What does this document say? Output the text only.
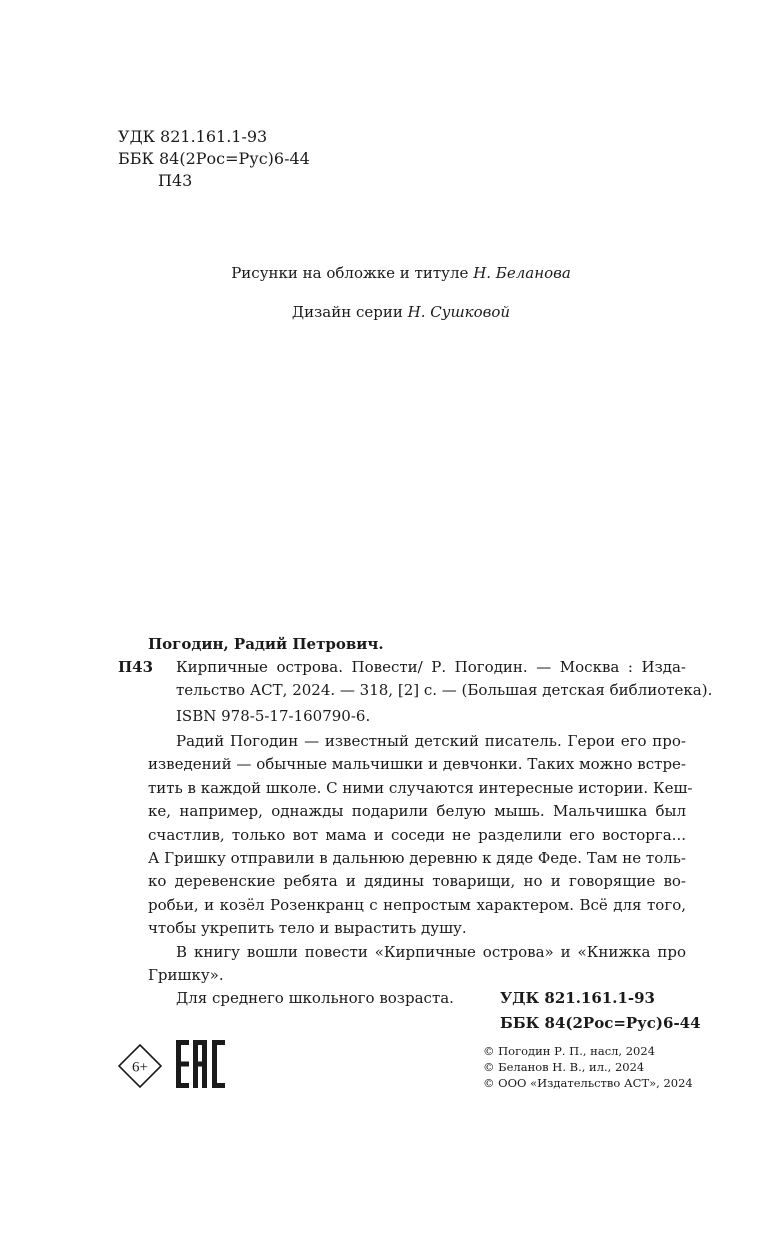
УДК 821.161.1-93
ББК 84(2Рос=Рус)6-44
П43
Рисунки на обложке и титуле Н. Беланова
Дизайн серии Н. Сушковой
Погодин, Радий Петрович.
П43	Кирпичные острова. Повести/ Р. Погодин. — Москва : Изда-
тельство АСТ, 2024. — 318, [2] с. — (Большая детская библиотека).
ISBN 978-5-17-160790-6.

Радий Погодин — известный детский писатель. Герои его про-
изведений — обычные мальчишки и девчонки. Таких можно встре-
тить в каждой школе. С ними случаются интересные истории. Кеш-
ке, например, однажды подарили белую мышь. Мальчишка был
счастлив, только вот мама и соседи не разделили его восторга...
А Гришку отправили в дальнюю деревню к дяде Феде. Там не толь-
ко деревенские ребята и дядины товарищи, но и говорящие во-
робьи, и козёл Розенкранц с непростым характером. Всё для того,
чтобы укрепить тело и вырастить душу.

В книгу вошли повести «Кирпичные острова» и «Книжка про
Гришку».

Для среднего школьного возраста.	УДК 821.161.1-93
ББК 84(2Рос=Рус)6-44
6+
© Погодин Р. П., насл, 2024
© Беланов Н. В., ил., 2024
© ООО «Издательство АСТ», 2024
